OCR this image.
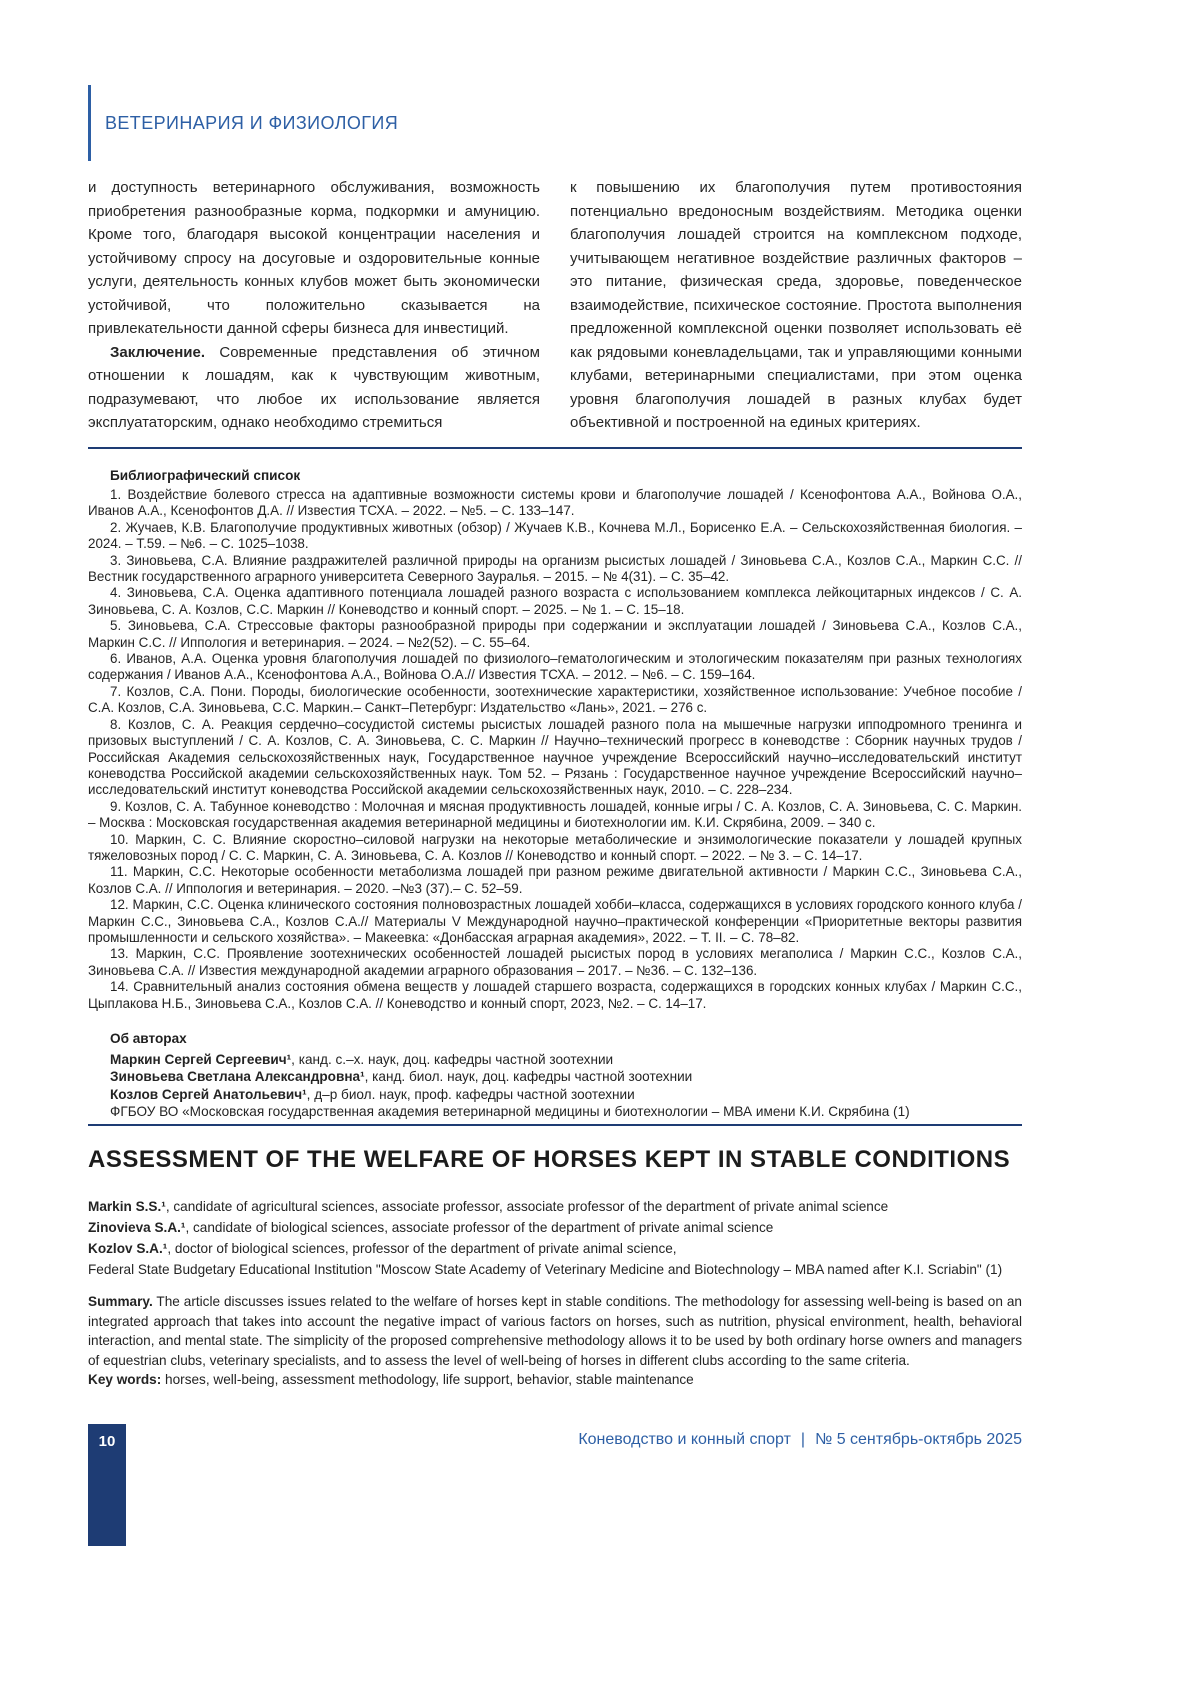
ВЕТЕРИНАРИЯ И ФИЗИОЛОГИЯ

и доступность ветеринарного обслуживания, возможность приобретения разнообразные корма, подкормки и амуницию. Кроме того, благодаря высокой концентрации населения и устойчивому спросу на досуговые и оздоровительные конные услуги, деятельность конных клубов может быть экономически устойчивой, что положительно сказывается на привлекательности данной сферы бизнеса для инвестиций.

Заключение. Современные представления об этичном отношении к лошадям, как к чувствующим животным, подразумевают, что любое их использование является эксплуататорским, однако необходимо стремиться

к повышению их благополучия путем противостояния потенциально вредоносным воздействиям. Методика оценки благополучия лошадей строится на комплексном подходе, учитывающем негативное воздействие различных факторов – это питание, физическая среда, здоровье, поведенческое взаимодействие, психическое состояние. Простота выполнения предложенной комплексной оценки позволяет использовать её как рядовыми коневладельцами, так и управляющими конными клубами, ветеринарными специалистами, при этом оценка уровня благополучия лошадей в разных клубах будет объективной и построенной на единых критериях.

Библиографический список

1. Воздействие болевого стресса на адаптивные возможности системы крови и благополучие лошадей / Ксенофонтова А.А., Войнова О.А., Иванов А.А., Ксенофонтов Д.А. // Известия ТСХА. – 2022. – №5. – С. 133–147.

2. Жучаев, К.В. Благополучие продуктивных животных (обзор) / Жучаев К.В., Кочнева М.Л., Борисенко Е.А. – Сельскохозяйственная биология. – 2024. – Т.59. – №6. – С. 1025–1038.

3. Зиновьева, С.А. Влияние раздражителей различной природы на организм рысистых лошадей / Зиновьева С.А., Козлов С.А., Маркин С.С. // Вестник государственного аграрного университета Северного Зауралья. – 2015. – № 4(31). – С. 35–42.

4. Зиновьева, С.А. Оценка адаптивного потенциала лошадей разного возраста с использованием комплекса лейкоцитарных индексов / С. А. Зиновьева, С. А. Козлов, С.С. Маркин // Коневодство и конный спорт. – 2025. – № 1. – С. 15–18.

5. Зиновьева, С.А. Стрессовые факторы разнообразной природы при содержании и эксплуатации лошадей / Зиновьева С.А., Козлов С.А., Маркин С.С. // Иппология и ветеринария. – 2024. – №2(52). – С. 55–64.

6. Иванов, А.А. Оценка уровня благополучия лошадей по физиолого–гематологическим и этологическим показателям при разных технологиях содержания / Иванов А.А., Ксенофонтова А.А., Войнова О.А.// Известия ТСХА. – 2012. – №6. – С. 159–164.

7. Козлов, С.А. Пони. Породы, биологические особенности, зоотехнические характеристики, хозяйственное использование: Учебное пособие / С.А. Козлов, С.А. Зиновьева, С.С. Маркин.– Санкт–Петербург: Издательство «Лань», 2021. – 276 с.

8. Козлов, С. А. Реакция сердечно–сосудистой системы рысистых лошадей разного пола на мышечные нагрузки ипподромного тренинга и призовых выступлений / С. А. Козлов, С. А. Зиновьева, С. С. Маркин // Научно–технический прогресс в коневодстве : Сборник научных трудов / Российская Академия сельскохозяйственных наук, Государственное научное учреждение Всероссийский научно–исследовательский институт коневодства Российской академии сельскохозяйственных наук. Том 52. – Рязань : Государственное научное учреждение Всероссийский научно–исследовательский институт коневодства Российской академии сельскохозяйственных наук, 2010. – С. 228–234.

9. Козлов, С. А. Табунное коневодство : Молочная и мясная продуктивность лошадей, конные игры / С. А. Козлов, С. А. Зиновьева, С. С. Маркин. – Москва : Московская государственная академия ветеринарной медицины и биотехнологии им. К.И. Скрябина, 2009. – 340 с.

10. Маркин, С. С. Влияние скоростно–силовой нагрузки на некоторые метаболические и энзимологические показатели у лошадей крупных тяжеловозных пород / С. С. Маркин, С. А. Зиновьева, С. А. Козлов // Коневодство и конный спорт. – 2022. – № 3. – С. 14–17.

11. Маркин, С.С. Некоторые особенности метаболизма лошадей при разном режиме двигательной активности / Маркин С.С., Зиновьева С.А., Козлов С.А. // Иппология и ветеринария. – 2020. –№3 (37).– С. 52–59.

12. Маркин, С.С. Оценка клинического состояния полновозрастных лошадей хобби–класса, содержащихся в условиях городского конного клуба / Маркин С.С., Зиновьева С.А., Козлов С.А.// Материалы V Международной научно–практической конференции «Приоритетные векторы развития промышленности и сельского хозяйства». – Макеевка: «Донбасская аграрная академия», 2022. – Т. II. – С. 78–82.

13. Маркин, С.С. Проявление зоотехнических особенностей лошадей рысистых пород в условиях мегаполиса / Маркин С.С., Козлов С.А., Зиновьева С.А. // Известия международной академии аграрного образования – 2017. – №36. – С. 132–136.

14. Сравнительный анализ состояния обмена веществ у лошадей старшего возраста, содержащихся в городских конных клубах / Маркин С.С., Цыплакова Н.Б., Зиновьева С.А., Козлов С.А. // Коневодство и конный спорт, 2023, №2. – С. 14–17.

Об авторах

Маркин Сергей Сергеевич¹, канд. с.–х. наук, доц. кафедры частной зоотехнии

Зиновьева Светлана Александровна¹, канд. биол. наук, доц. кафедры частной зоотехнии

Козлов Сергей Анатольевич¹, д–р биол. наук, проф. кафедры частной зоотехнии

ФГБОУ ВО «Московская государственная академия ветеринарной медицины и биотехнологии – МВА имени К.И. Скрябина (1)

ASSESSMENT OF THE WELFARE OF HORSES KEPT IN STABLE CONDITIONS

Markin S.S.¹, candidate of agricultural sciences, associate professor, associate professor of the department of private animal science

Zinovieva S.A.¹, candidate of biological sciences, associate professor of the department of private animal science

Kozlov S.A.¹, doctor of biological sciences, professor of the department of private animal science,

Federal State Budgetary Educational Institution "Moscow State Academy of Veterinary Medicine and Biotechnology – MBA named after K.I. Scriabin" (1)

Summary. The article discusses issues related to the welfare of horses kept in stable conditions. The methodology for assessing well-being is based on an integrated approach that takes into account the negative impact of various factors on horses, such as nutrition, physical environment, health, behavioral interaction, and mental state. The simplicity of the proposed comprehensive methodology allows it to be used by both ordinary horse owners and managers of equestrian clubs, veterinary specialists, and to assess the level of well-being of horses in different clubs according to the same criteria.

Key words: horses, well-being, assessment methodology, life support, behavior, stable maintenance

10	Коневодство и конный спорт | № 5 сентябрь-октябрь 2025
